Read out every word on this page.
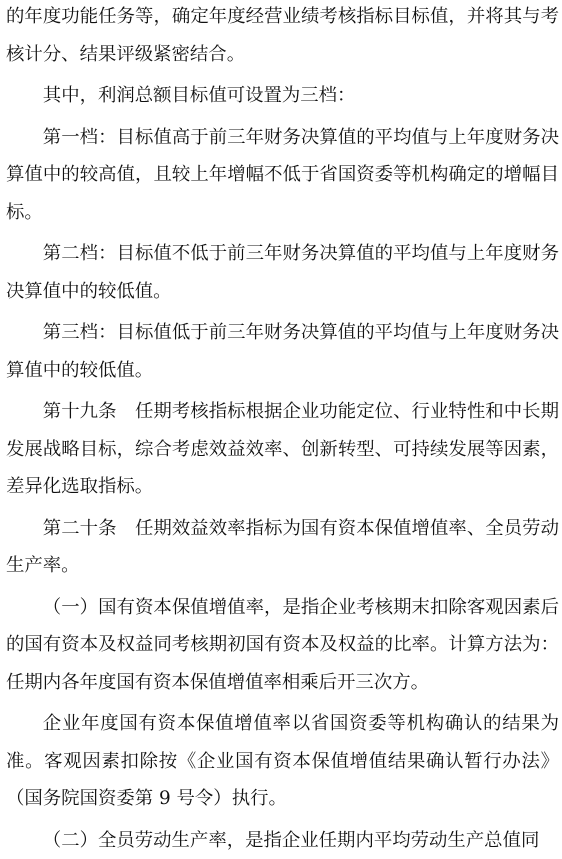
的年度功能任务等，确定年度经营业绩考核指标目标值，并将其与考核计分、结果评级紧密结合。

其中，利润总额目标值可设置为三档：

第一档：目标值高于前三年财务决算值的平均值与上年度财务决算值中的较高值，且较上年增幅不低于省国资委等机构确定的增幅目标。

第二档：目标值不低于前三年财务决算值的平均值与上年度财务决算值中的较低值。

第三档：目标值低于前三年财务决算值的平均值与上年度财务决算值中的较低值。

第十九条　任期考核指标根据企业功能定位、行业特性和中长期发展战略目标，综合考虑效益效率、创新转型、可持续发展等因素，差异化选取指标。

第二十条　任期效益效率指标为国有资本保值增值率、全员劳动生产率。

（一）国有资本保值增值率，是指企业考核期末扣除客观因素后的国有资本及权益同考核期初国有资本及权益的比率。计算方法为：任期内各年度国有资本保值增值率相乘后开三次方。

企业年度国有资本保值增值率以省国资委等机构确认的结果为准。客观因素扣除按《企业国有资本保值增值结果确认暂行办法》（国务院国资委第 9 号令）执行。

（二）全员劳动生产率，是指企业任期内平均劳动生产总值同
